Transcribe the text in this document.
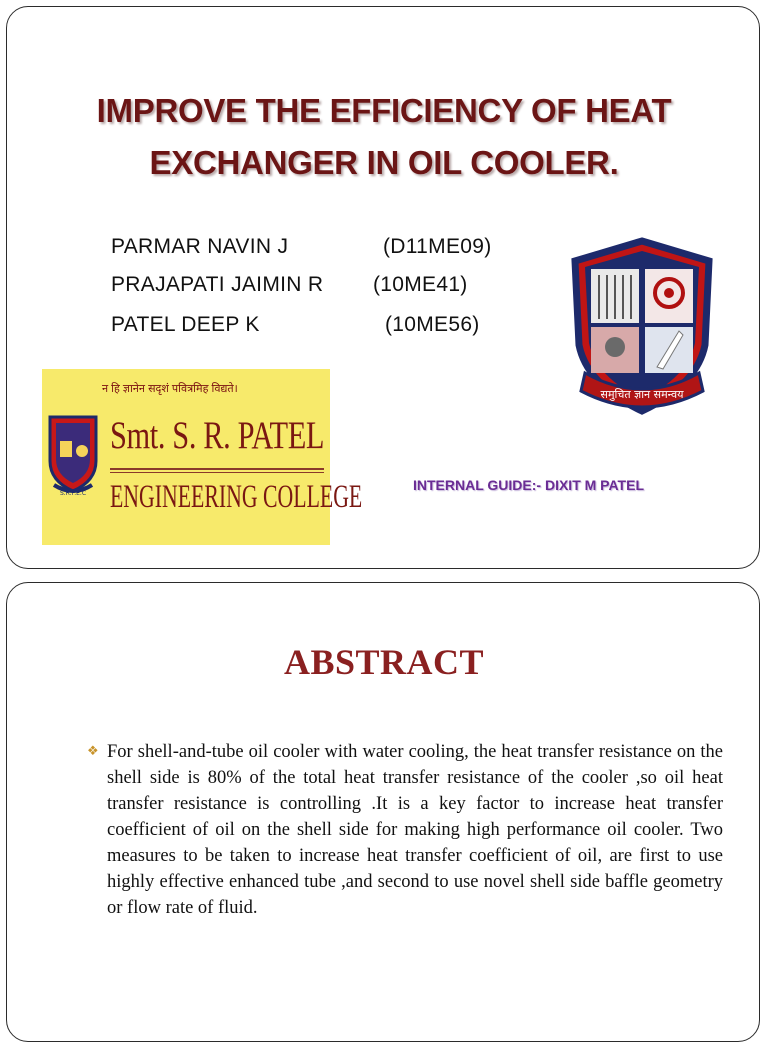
IMPROVE THE EFFICIENCY OF HEAT
EXCHANGER IN OIL COOLER.
PARMAR NAVIN J	(D11ME09)
PRAJAPATI JAIMIN R (10ME41)
PATEL DEEP K	(10ME56)
समुचित ज्ञान समन्वय
न हि ज्ञानेन सदृशं पवित्रमिह विद्यते।
S.R.P.E.C
Smt. S. R. PATEL
ENGINEERING COLLEGE	INTERNAL GUIDE:- DIXIT M PATEL
ABSTRACT
❖ For shell-and-tube oil cooler with water cooling, the heat transfer resistance on the shell side is 80% of the total heat transfer resistance of the cooler ,so oil heat transfer resistance is controlling .It is a key factor to increase heat transfer coefficient of oil on the shell side for making high performance oil cooler. Two measures to be taken to increase heat transfer coefficient of oil, are first to use highly effective enhanced tube ,and second to use novel shell side baffle geometry or flow rate of fluid.
